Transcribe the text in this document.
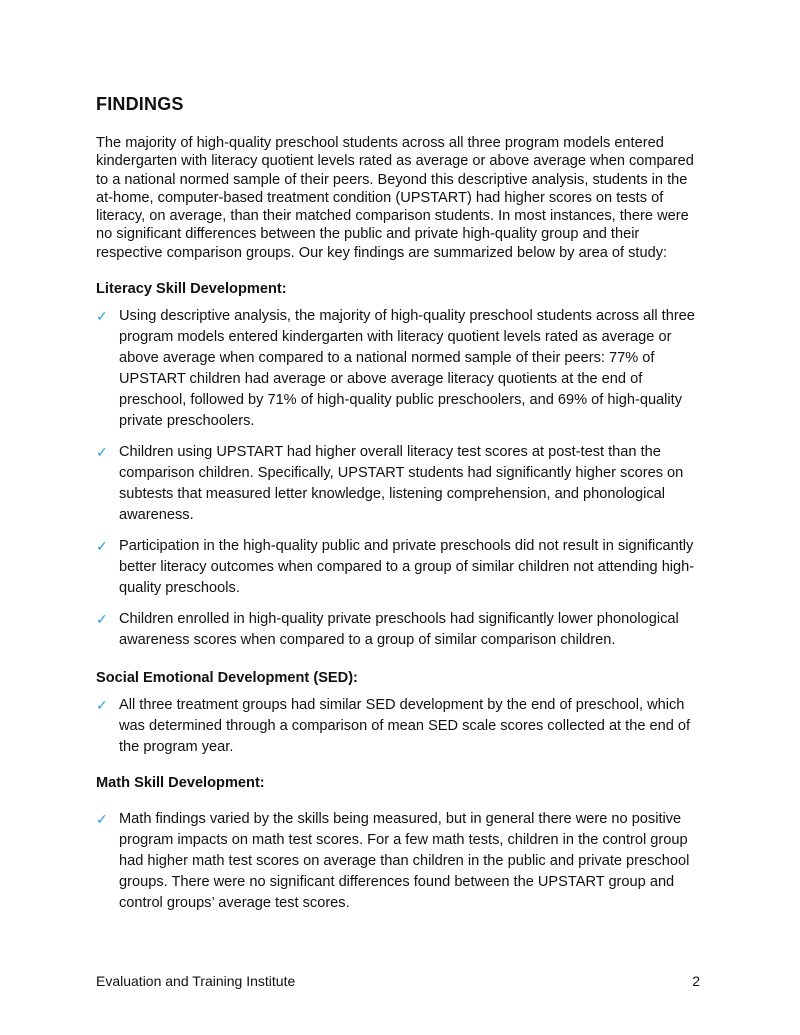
FINDINGS

The majority of high-quality preschool students across all three program models entered kindergarten with literacy quotient levels rated as average or above average when compared to a national normed sample of their peers. Beyond this descriptive analysis, students in the at-home, computer-based treatment condition (UPSTART) had higher scores on tests of literacy, on average, than their matched comparison students. In most instances, there were no significant differences between the public and private high-quality group and their respective comparison groups. Our key findings are summarized below by area of study:

Literacy Skill Development:

✓ Using descriptive analysis, the majority of high-quality preschool students across all three program models entered kindergarten with literacy quotient levels rated as average or above average when compared to a national normed sample of their peers: 77% of UPSTART children had average or above average literacy quotients at the end of preschool, followed by 71% of high-quality public preschoolers, and 69% of high-quality private preschoolers.
✓ Children using UPSTART had higher overall literacy test scores at post-test than the comparison children. Specifically, UPSTART students had significantly higher scores on subtests that measured letter knowledge, listening comprehension, and phonological awareness.
✓ Participation in the high-quality public and private preschools did not result in significantly better literacy outcomes when compared to a group of similar children not attending high-quality preschools.
✓ Children enrolled in high-quality private preschools had significantly lower phonological awareness scores when compared to a group of similar comparison children.

Social Emotional Development (SED):

✓ All three treatment groups had similar SED development by the end of preschool, which was determined through a comparison of mean SED scale scores collected at the end of the program year.

Math Skill Development:

✓ Math findings varied by the skills being measured, but in general there were no positive program impacts on math test scores. For a few math tests, children in the control group had higher math test scores on average than children in the public and private preschool groups. There were no significant differences found between the UPSTART group and control groups’ average test scores.
Evaluation and Training Institute	2
